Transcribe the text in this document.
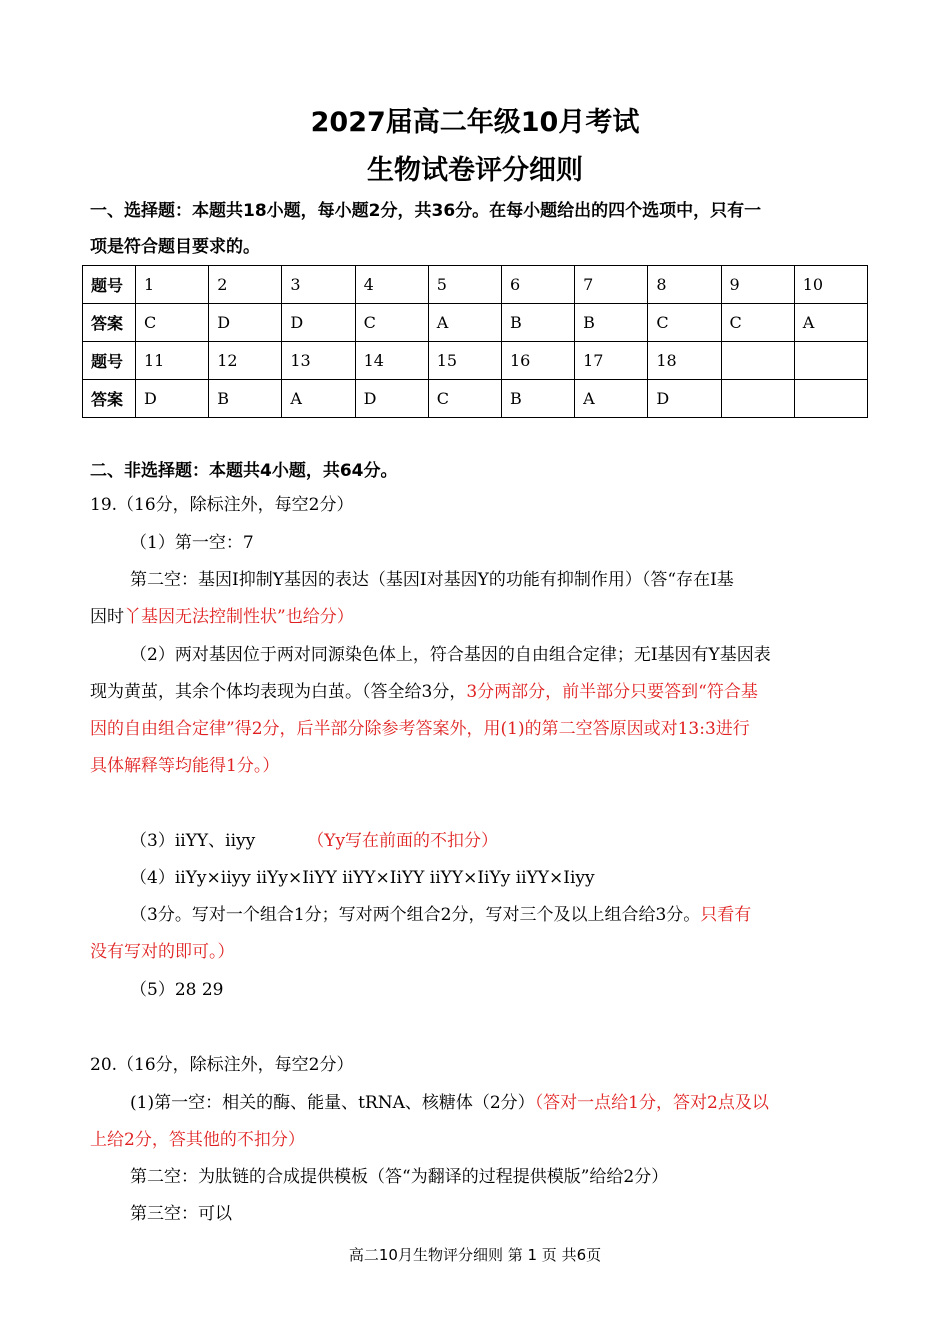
2027届高二年级10月考试
生物试卷评分细则
一、选择题：本题共18小题，每小题2分，共36分。在每小题给出的四个选项中，只有一
项是符合题目要求的。
题号	1	2	3	4	5	6	7	8	9	10
答案	C	D	D	C	A	B	B	C	C	A
题号	11	12	13	14	15	16	17	18		
答案	D	B	A	D	C	B	A	D		
二、非选择题：本题共4小题，共64分。
19.（16分，除标注外，每空2分）
（1）第一空：7
第二空：基因I抑制Y基因的表达（基因I对基因Y的功能有抑制作用）（答“存在I基
因时丫基因无法控制性状”也给分）
（2）两对基因位于两对同源染色体上，符合基因的自由组合定律；无I基因有Y基因表
现为黄茧，其余个体均表现为白茧。（答全给3分，3分两部分，前半部分只要答到“符合基
因的自由组合定律”得2分，后半部分除参考答案外，用(1)的第二空答原因或对13:3进行
具体解释等均能得1分。）
（3）iiYY、iiyy	（Yy写在前面的不扣分）
（4）iiYy×iiyy iiYy×IiYY iiYY×IiYY iiYY×IiYy iiYY×Iiyy
（3分。写对一个组合1分；写对两个组合2分，写对三个及以上组合给3分。只看有
没有写对的即可。）
（5）28 29
20.（16分，除标注外，每空2分）
(1)第一空：相关的酶、能量、tRNA、核糖体（2分）（答对一点给1分，答对2点及以
上给2分，答其他的不扣分）
第二空：为肽链的合成提供模板（答“为翻译的过程提供模版”给给2分）
第三空：可以
高二10月生物评分细则 第 1 页 共6页
